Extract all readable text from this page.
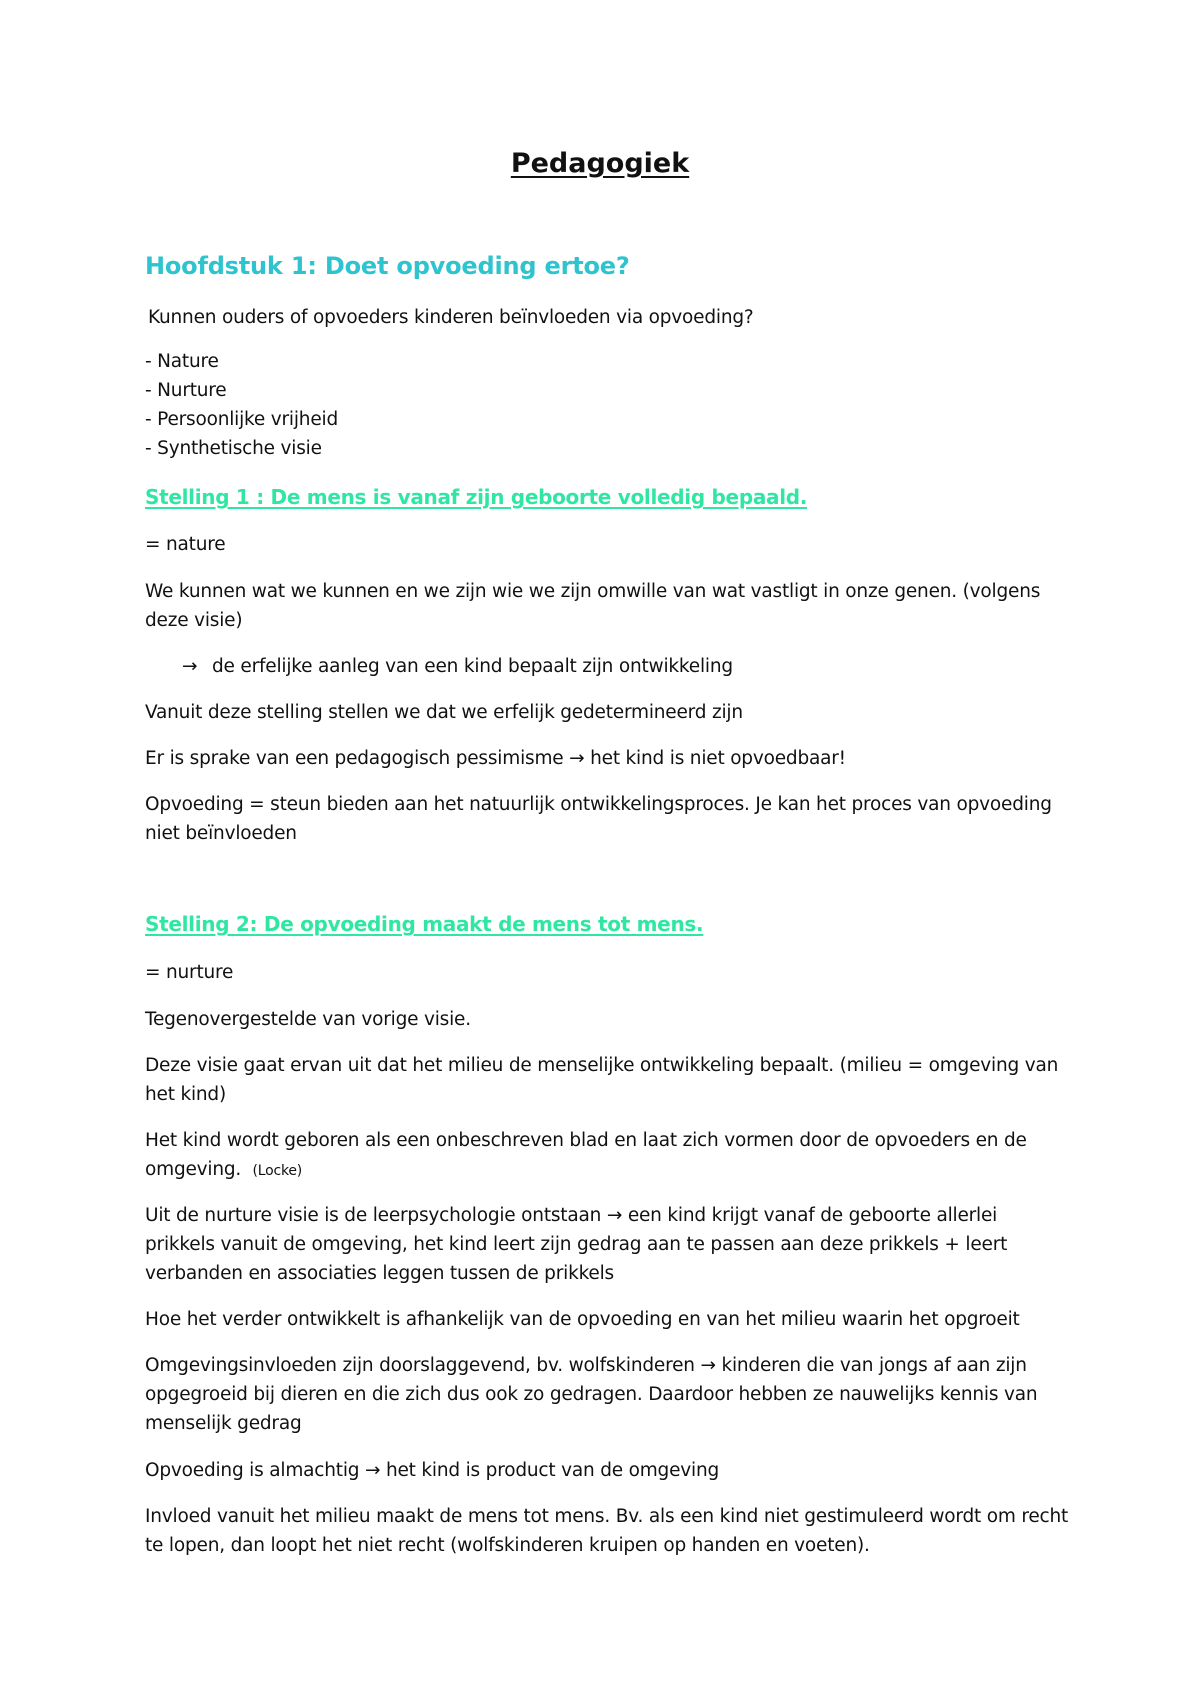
Pedagogiek
Hoofdstuk 1: Doet opvoeding ertoe?
Kunnen ouders of opvoeders kinderen beïnvloeden via opvoeding?
- Nature
- Nurture
- Persoonlijke vrijheid
- Synthetische visie
Stelling 1 : De mens is vanaf zijn geboorte volledig bepaald.
= nature
We kunnen wat we kunnen en we zijn wie we zijn omwille van wat vastligt in onze genen. (volgens
deze visie)
→ de erfelijke aanleg van een kind bepaalt zijn ontwikkeling
Vanuit deze stelling stellen we dat we erfelijk gedetermineerd zijn
Er is sprake van een pedagogisch pessimisme → het kind is niet opvoedbaar!
Opvoeding = steun bieden aan het natuurlijk ontwikkelingsproces. Je kan het proces van opvoeding
niet beïnvloeden
Stelling 2: De opvoeding maakt de mens tot mens.
= nurture
Tegenovergestelde van vorige visie.
Deze visie gaat ervan uit dat het milieu de menselijke ontwikkeling bepaalt. (milieu = omgeving van
het kind)
Het kind wordt geboren als een onbeschreven blad en laat zich vormen door de opvoeders en de
omgeving. (Locke)
Uit de nurture visie is de leerpsychologie ontstaan → een kind krijgt vanaf de geboorte allerlei
prikkels vanuit de omgeving, het kind leert zijn gedrag aan te passen aan deze prikkels + leert
verbanden en associaties leggen tussen de prikkels
Hoe het verder ontwikkelt is afhankelijk van de opvoeding en van het milieu waarin het opgroeit
Omgevingsinvloeden zijn doorslaggevend, bv. wolfskinderen → kinderen die van jongs af aan zijn
opgegroeid bij dieren en die zich dus ook zo gedragen. Daardoor hebben ze nauwelijks kennis van
menselijk gedrag
Opvoeding is almachtig → het kind is product van de omgeving
Invloed vanuit het milieu maakt de mens tot mens. Bv. als een kind niet gestimuleerd wordt om recht
te lopen, dan loopt het niet recht (wolfskinderen kruipen op handen en voeten).
